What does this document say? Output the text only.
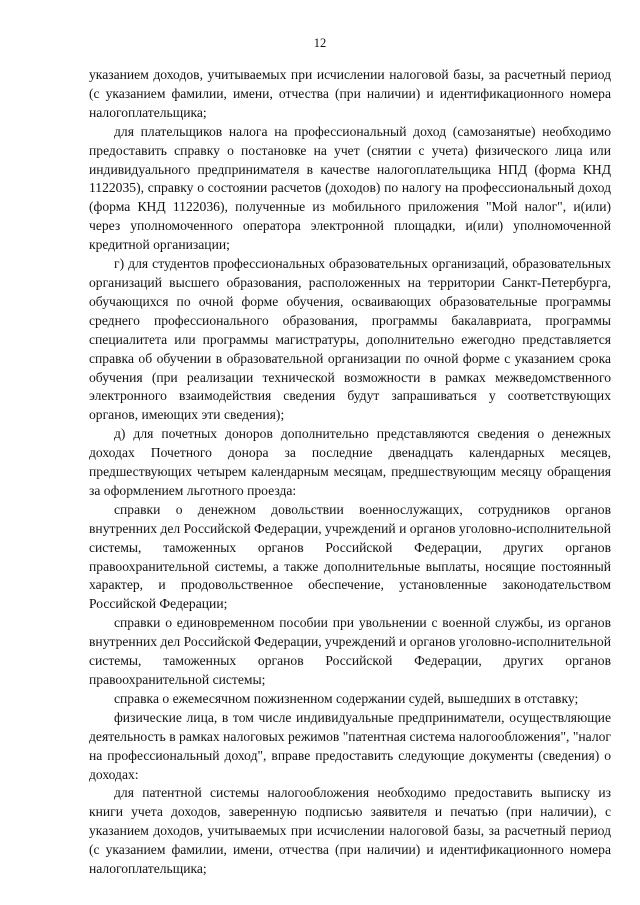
12

указанием доходов, учитываемых при исчислении налоговой базы, за расчетный период (с указанием фамилии, имени, отчества (при наличии) и идентификационного номера налогоплательщика;

для плательщиков налога на профессиональный доход (самозанятые) необходимо предоставить справку о постановке на учет (снятии с учета) физического лица или индивидуального предпринимателя в качестве налогоплательщика НПД (форма КНД 1122035), справку о состоянии расчетов (доходов) по налогу на профессиональный доход (форма КНД 1122036), полученные из мобильного приложения "Мой налог", и(или) через уполномоченного оператора электронной площадки, и(или) уполномоченной кредитной организации;

г) для студентов профессиональных образовательных организаций, образовательных организаций высшего образования, расположенных на территории Санкт-Петербурга, обучающихся по очной форме обучения, осваивающих образовательные программы среднего профессионального образования, программы бакалавриата, программы специалитета или программы магистратуры, дополнительно ежегодно представляется справка об обучении в образовательной организации по очной форме с указанием срока обучения (при реализации технической возможности в рамках межведомственного электронного взаимодействия сведения будут запрашиваться у соответствующих органов, имеющих эти сведения);

д) для почетных доноров дополнительно представляются сведения о денежных доходах Почетного донора за последние двенадцать календарных месяцев, предшествующих четырем календарным месяцам, предшествующим месяцу обращения за оформлением льготного проезда:

справки о денежном довольствии военнослужащих, сотрудников органов внутренних дел Российской Федерации, учреждений и органов уголовно-исполнительной системы, таможенных органов Российской Федерации, других органов правоохранительной системы, а также дополнительные выплаты, носящие постоянный характер, и продовольственное обеспечение, установленные законодательством Российской Федерации;

справки о единовременном пособии при увольнении с военной службы, из органов внутренних дел Российской Федерации, учреждений и органов уголовно-исполнительной системы, таможенных органов Российской Федерации, других органов правоохранительной системы;

справка о ежемесячном пожизненном содержании судей, вышедших в отставку;

физические лица, в том числе индивидуальные предприниматели, осуществляющие деятельность в рамках налоговых режимов "патентная система налогообложения", "налог на профессиональный доход", вправе предоставить следующие документы (сведения) о доходах:

для патентной системы налогообложения необходимо предоставить выписку из книги учета доходов, заверенную подписью заявителя и печатью (при наличии), с указанием доходов, учитываемых при исчислении налоговой базы, за расчетный период (с указанием фамилии, имени, отчества (при наличии) и идентификационного номера налогоплательщика;
